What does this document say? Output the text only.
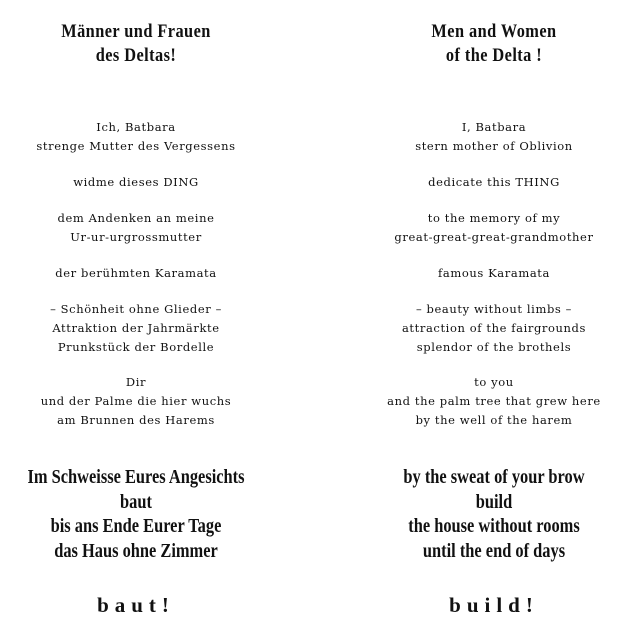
Männer und Frauen
des Deltas!
Ich, Batbara
strenge Mutter des Vergessens
widme dieses DING
dem Andenken an meine
Ur-ur-urgrossmutter
der berühmten Karamata
– Schönheit ohne Glieder –
Attraktion der Jahrmärkte
Prunkstück der Bordelle
Dir
und der Palme die hier wuchs
am Brunnen des Harems
Im Schweisse Eures Angesichts
baut
bis ans Ende Eurer Tage
das Haus ohne Zimmer
baut!
Men and Women
of the Delta !
I, Batbara
stern mother of Oblivion
dedicate this THING
to the memory of my
great-great-great-grandmother
famous Karamata
– beauty without limbs –
attraction of the fairgrounds
splendor of the brothels
to you
and the palm tree that grew here
by the well of the harem
by the sweat of your brow
build
the house without rooms
until the end of days
build!
